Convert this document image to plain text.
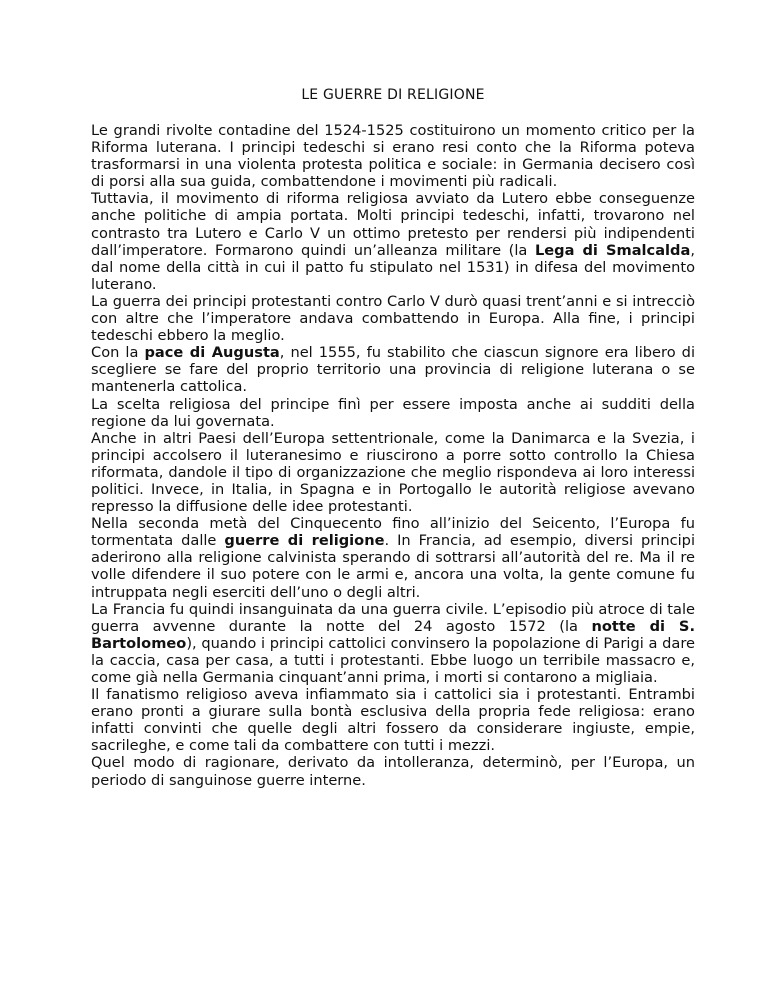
LE GUERRE DI RELIGIONE

Le grandi rivolte contadine del 1524-1525 costituirono un momento critico per la Riforma luterana. I principi tedeschi si erano resi conto che la Riforma poteva trasformarsi in una violenta protesta politica e sociale: in Germania decisero così di porsi alla sua guida, combattendone i movimenti più radicali.

Tuttavia, il movimento di riforma religiosa avviato da Lutero ebbe conseguenze anche politiche di ampia portata. Molti principi tedeschi, infatti, trovarono nel contrasto tra Lutero e Carlo V un ottimo pretesto per rendersi più indipendenti dall’imperatore. Formarono quindi un’alleanza militare (la Lega di Smalcalda, dal nome della città in cui il patto fu stipulato nel 1531) in difesa del movimento luterano.

La guerra dei principi protestanti contro Carlo V durò quasi trent’anni e si intrecciò con altre che l’imperatore andava combattendo in Europa. Alla fine, i principi tedeschi ebbero la meglio.

Con la pace di Augusta, nel 1555, fu stabilito che ciascun signore era libero di scegliere se fare del proprio territorio una provincia di religione luterana o se mantenerla cattolica.

La scelta religiosa del principe finì per essere imposta anche ai sudditi della regione da lui governata.

Anche in altri Paesi dell’Europa settentrionale, come la Danimarca e la Svezia, i principi accolsero il luteranesimo e riuscirono a porre sotto controllo la Chiesa riformata, dandole il tipo di organizzazione che meglio rispondeva ai loro interessi politici. Invece, in Italia, in Spagna e in Portogallo le autorità religiose avevano represso la diffusione delle idee protestanti.

Nella seconda metà del Cinquecento fino all’inizio del Seicento, l’Europa fu tormentata dalle guerre di religione. In Francia, ad esempio, diversi principi aderirono alla religione calvinista sperando di sottrarsi all’autorità del re. Ma il re volle difendere il suo potere con le armi e, ancora una volta, la gente comune fu intruppata negli eserciti dell’uno o degli altri.

La Francia fu quindi insanguinata da una guerra civile. L’episodio più atroce di tale guerra avvenne durante la notte del 24 agosto 1572 (la notte di S. Bartolomeo), quando i principi cattolici convinsero la popolazione di Parigi a dare la caccia, casa per casa, a tutti i protestanti. Ebbe luogo un terribile massacro e, come già nella Germania cinquant’anni prima, i morti si contarono a migliaia.

Il fanatismo religioso aveva infiammato sia i cattolici sia i protestanti. Entrambi erano pronti a giurare sulla bontà esclusiva della propria fede religiosa: erano infatti convinti che quelle degli altri fossero da considerare ingiuste, empie, sacrileghe, e come tali da combattere con tutti i mezzi.

Quel modo di ragionare, derivato da intolleranza, determinò, per l’Europa, un periodo di sanguinose guerre interne.
